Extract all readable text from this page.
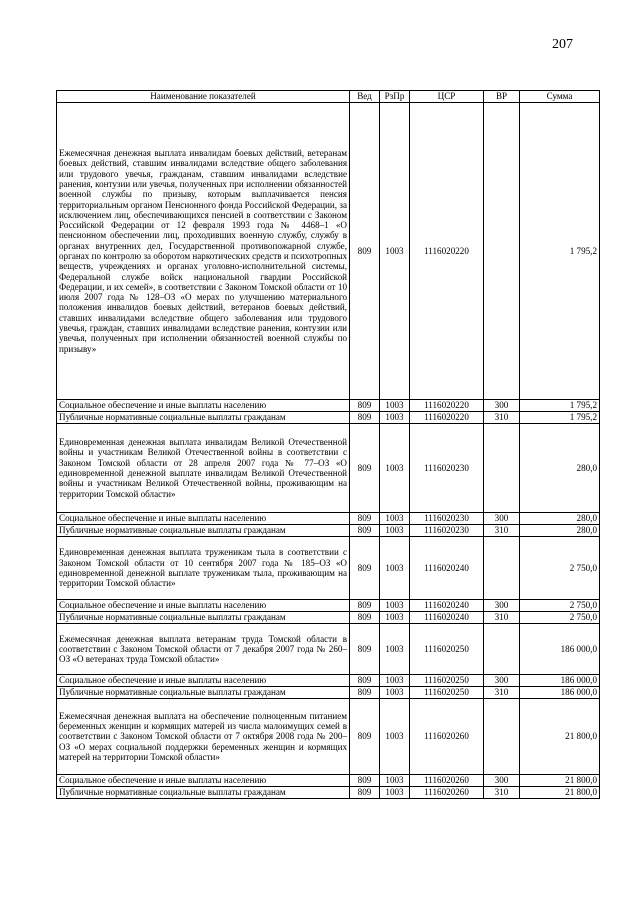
207
Наименование показателей	Вед	РзПр	ЦСР	ВР	Сумма
Ежемесячная денежная выплата инвалидам боевых действий, ветеранам боевых действий, ставшим инвалидами вследствие общего заболевания или трудового увечья, гражданам, ставшим инвалидами вследствие ранения, контузии или увечья, полученных при исполнении обязанностей военной службы по призыву, которым выплачивается пенсия территориальным органом Пенсионного фонда Российской Федерации, за исключением лиц, обеспечивающихся пенсией в соответствии с Законом Российской Федерации от 12 февраля 1993 года № 4468–1 «О пенсионном обеспечении лиц, проходивших военную службу, службу в органах внутренних дел, Государственной противопожарной службе, органах по контролю за оборотом наркотических средств и психотропных веществ, учреждениях и органах уголовно-исполнительной системы, Федеральной службе войск национальной гвардии Российской Федерации, и их семей», в соответствии с Законом Томской области от 10 июля 2007 года № 128–ОЗ «О мерах по улучшению материального положения инвалидов боевых действий, ветеранов боевых действий, ставших инвалидами вследствие общего заболевания или трудового увечья, граждан, ставших инвалидами вследствие ранения, контузии или увечья, полученных при исполнении обязанностей военной службы по призыву»	809	1003	1116020220		1 795,2
Социальное обеспечение и иные выплаты населению	809	1003	1116020220	300	1 795,2
Публичные нормативные социальные выплаты гражданам	809	1003	1116020220	310	1 795,2
Единовременная денежная выплата инвалидам Великой Отечественной войны и участникам Великой Отечественной войны в соответствии с Законом Томской области от 28 апреля 2007 года № 77–ОЗ «О единовременной денежной выплате инвалидам Великой Отечественной войны и участникам Великой Отечественной войны, проживающим на территории Томской области»	809	1003	1116020230		280,0
Социальное обеспечение и иные выплаты населению	809	1003	1116020230	300	280,0
Публичные нормативные социальные выплаты гражданам	809	1003	1116020230	310	280,0
Единовременная денежная выплата труженикам тыла в соответствии с Законом Томской области от 10 сентября 2007 года № 185–ОЗ «О единовременной денежной выплате труженикам тыла, проживающим на территории Томской области»	809	1003	1116020240		2 750,0
Социальное обеспечение и иные выплаты населению	809	1003	1116020240	300	2 750,0
Публичные нормативные социальные выплаты гражданам	809	1003	1116020240	310	2 750,0
Ежемесячная денежная выплата ветеранам труда Томской области в соответствии с Законом Томской области от 7 декабря 2007 года № 260–ОЗ «О ветеранах труда Томской области»	809	1003	1116020250		186 000,0
Социальное обеспечение и иные выплаты населению	809	1003	1116020250	300	186 000,0
Публичные нормативные социальные выплаты гражданам	809	1003	1116020250	310	186 000,0
Ежемесячная денежная выплата на обеспечение полноценным питанием беременных женщин и кормящих матерей из числа малоимущих семей в соответствии с Законом Томской области от 7 октября 2008 года № 200–ОЗ «О мерах социальной поддержки беременных женщин и кормящих матерей на территории Томской области»	809	1003	1116020260		21 800,0
Социальное обеспечение и иные выплаты населению	809	1003	1116020260	300	21 800,0
Публичные нормативные социальные выплаты гражданам	809	1003	1116020260	310	21 800,0
